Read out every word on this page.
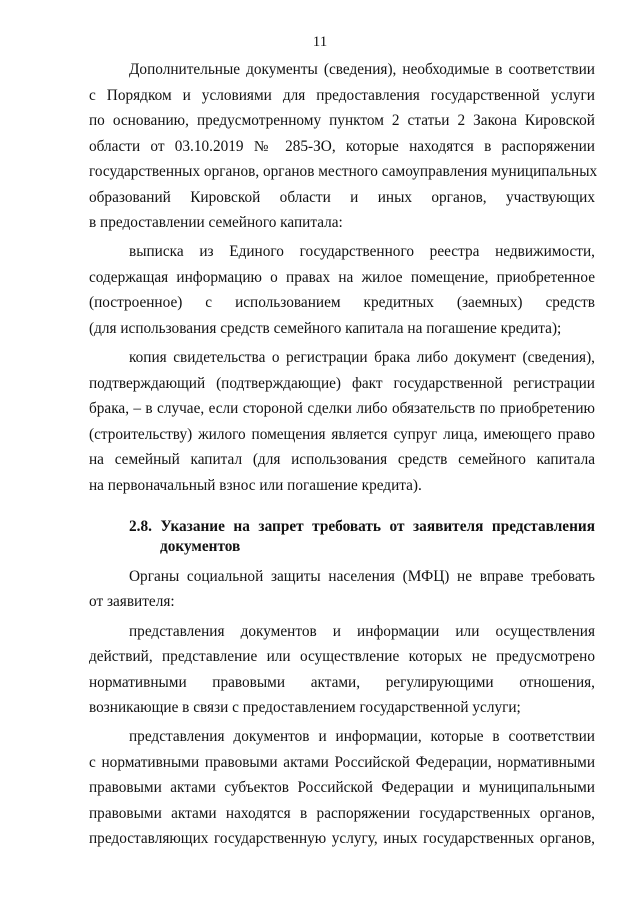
11
Дополнительные документы (сведения), необходимые в соответствии
с Порядком и условиями для предоставления государственной услуги
по основанию, предусмотренному пунктом 2 статьи 2 Закона Кировской
области от 03.10.2019 № 285-ЗО, которые находятся в распоряжении
государственных органов, органов местного самоуправления муниципальных
образований Кировской области и иных органов, участвующих
в предоставлении семейного капитала:
выписка из Единого государственного реестра недвижимости,
содержащая информацию о правах на жилое помещение, приобретенное
(построенное) с использованием кредитных (заемных) средств
(для использования средств семейного капитала на погашение кредита);
копия свидетельства о регистрации брака либо документ (сведения),
подтверждающий (подтверждающие) факт государственной регистрации
брака, – в случае, если стороной сделки либо обязательств по приобретению
(строительству) жилого помещения является супруг лица, имеющего право
на семейный капитал (для использования средств семейного капитала
на первоначальный взнос или погашение кредита).
2.8. Указание на запрет требовать от заявителя представления
документов
Органы социальной защиты населения (МФЦ) не вправе требовать
от заявителя:
представления документов и информации или осуществления
действий, представление или осуществление которых не предусмотрено
нормативными правовыми актами, регулирующими отношения,
возникающие в связи с предоставлением государственной услуги;
представления документов и информации, которые в соответствии
с нормативными правовыми актами Российской Федерации, нормативными
правовыми актами субъектов Российской Федерации и муниципальными
правовыми актами находятся в распоряжении государственных органов,
предоставляющих государственную услугу, иных государственных органов,
